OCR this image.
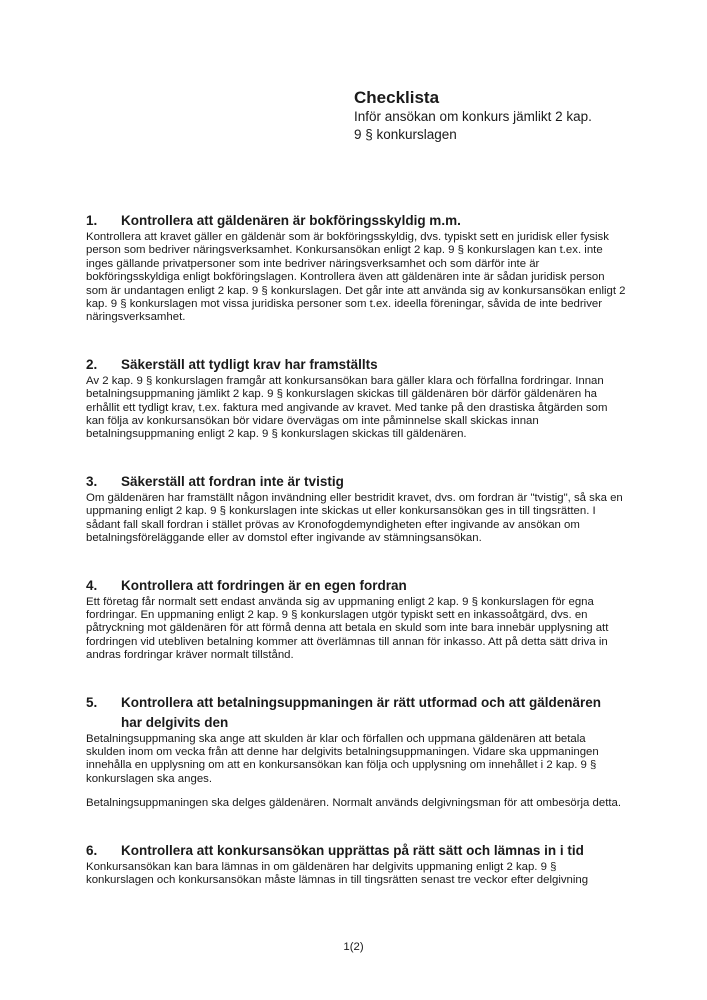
Checklista
Inför ansökan om konkurs jämlikt 2 kap.
9 § konkurslagen
1.	Kontrollera att gäldenären är bokföringsskyldig m.m.

Kontrollera att kravet gäller en gäldenär som är bokföringsskyldig, dvs. typiskt sett en juridisk eller fysisk person som bedriver näringsverksamhet. Konkursansökan enligt 2 kap. 9 § konkurslagen kan t.ex. inte inges gällande privatpersoner som inte bedriver näringsverksamhet och som därför inte är bokföringsskyldiga enligt bokföringslagen. Kontrollera även att gäldenären inte är sådan juridisk person som är undantagen enligt 2 kap. 9 § konkurslagen. Det går inte att använda sig av konkursansökan enligt 2 kap. 9 § konkurslagen mot vissa juridiska personer som t.ex. ideella föreningar, såvida de inte bedriver näringsverksamhet.

2.	Säkerställ att tydligt krav har framställts

Av 2 kap. 9 § konkurslagen framgår att konkursansökan bara gäller klara och förfallna fordringar. Innan betalningsuppmaning jämlikt 2 kap. 9 § konkurslagen skickas till gäldenären bör därför gäldenären ha erhållit ett tydligt krav, t.ex. faktura med angivande av kravet. Med tanke på den drastiska åtgärden som kan följa av konkursansökan bör vidare övervägas om inte påminnelse skall skickas innan betalningsuppmaning enligt 2 kap. 9 § konkurslagen skickas till gäldenären.

3.	Säkerställ att fordran inte är tvistig

Om gäldenären har framställt någon invändning eller bestridit kravet, dvs. om fordran är "tvistig", så ska en uppmaning enligt 2 kap. 9 § konkurslagen inte skickas ut eller konkursansökan ges in till tingsrätten. I sådant fall skall fordran i stället prövas av Kronofogdemyndigheten efter ingivande av ansökan om betalningsföreläggande eller av domstol efter ingivande av stämningsansökan.

4.	Kontrollera att fordringen är en egen fordran

Ett företag får normalt sett endast använda sig av uppmaning enligt 2 kap. 9 § konkurslagen för egna fordringar. En uppmaning enligt 2 kap. 9 § konkurslagen utgör typiskt sett en inkassoåtgärd, dvs. en påtryckning mot gäldenären för att förmå denna att betala en skuld som inte bara innebär upplysning att fordringen vid utebliven betalning kommer att överlämnas till annan för inkasso. Att på detta sätt driva in andras fordringar kräver normalt tillstånd.

5.	Kontrollera att betalningsuppmaningen är rätt utformad och att gäldenären har delgivits den

Betalningsuppmaning ska ange att skulden är klar och förfallen och uppmana gäldenären att betala skulden inom om vecka från att denne har delgivits betalningsuppmaningen. Vidare ska uppmaningen innehålla en upplysning om att en konkursansökan kan följa och upplysning om innehållet i 2 kap. 9 § konkurslagen ska anges.

Betalningsuppmaningen ska delges gäldenären. Normalt används delgivningsman för att ombesörja detta.

6.	Kontrollera att konkursansökan upprättas på rätt sätt och lämnas in i tid

Konkursansökan kan bara lämnas in om gäldenären har delgivits uppmaning enligt 2 kap. 9 § konkurslagen och konkursansökan måste lämnas in till tingsrätten senast tre veckor efter delgivning

1(2)
